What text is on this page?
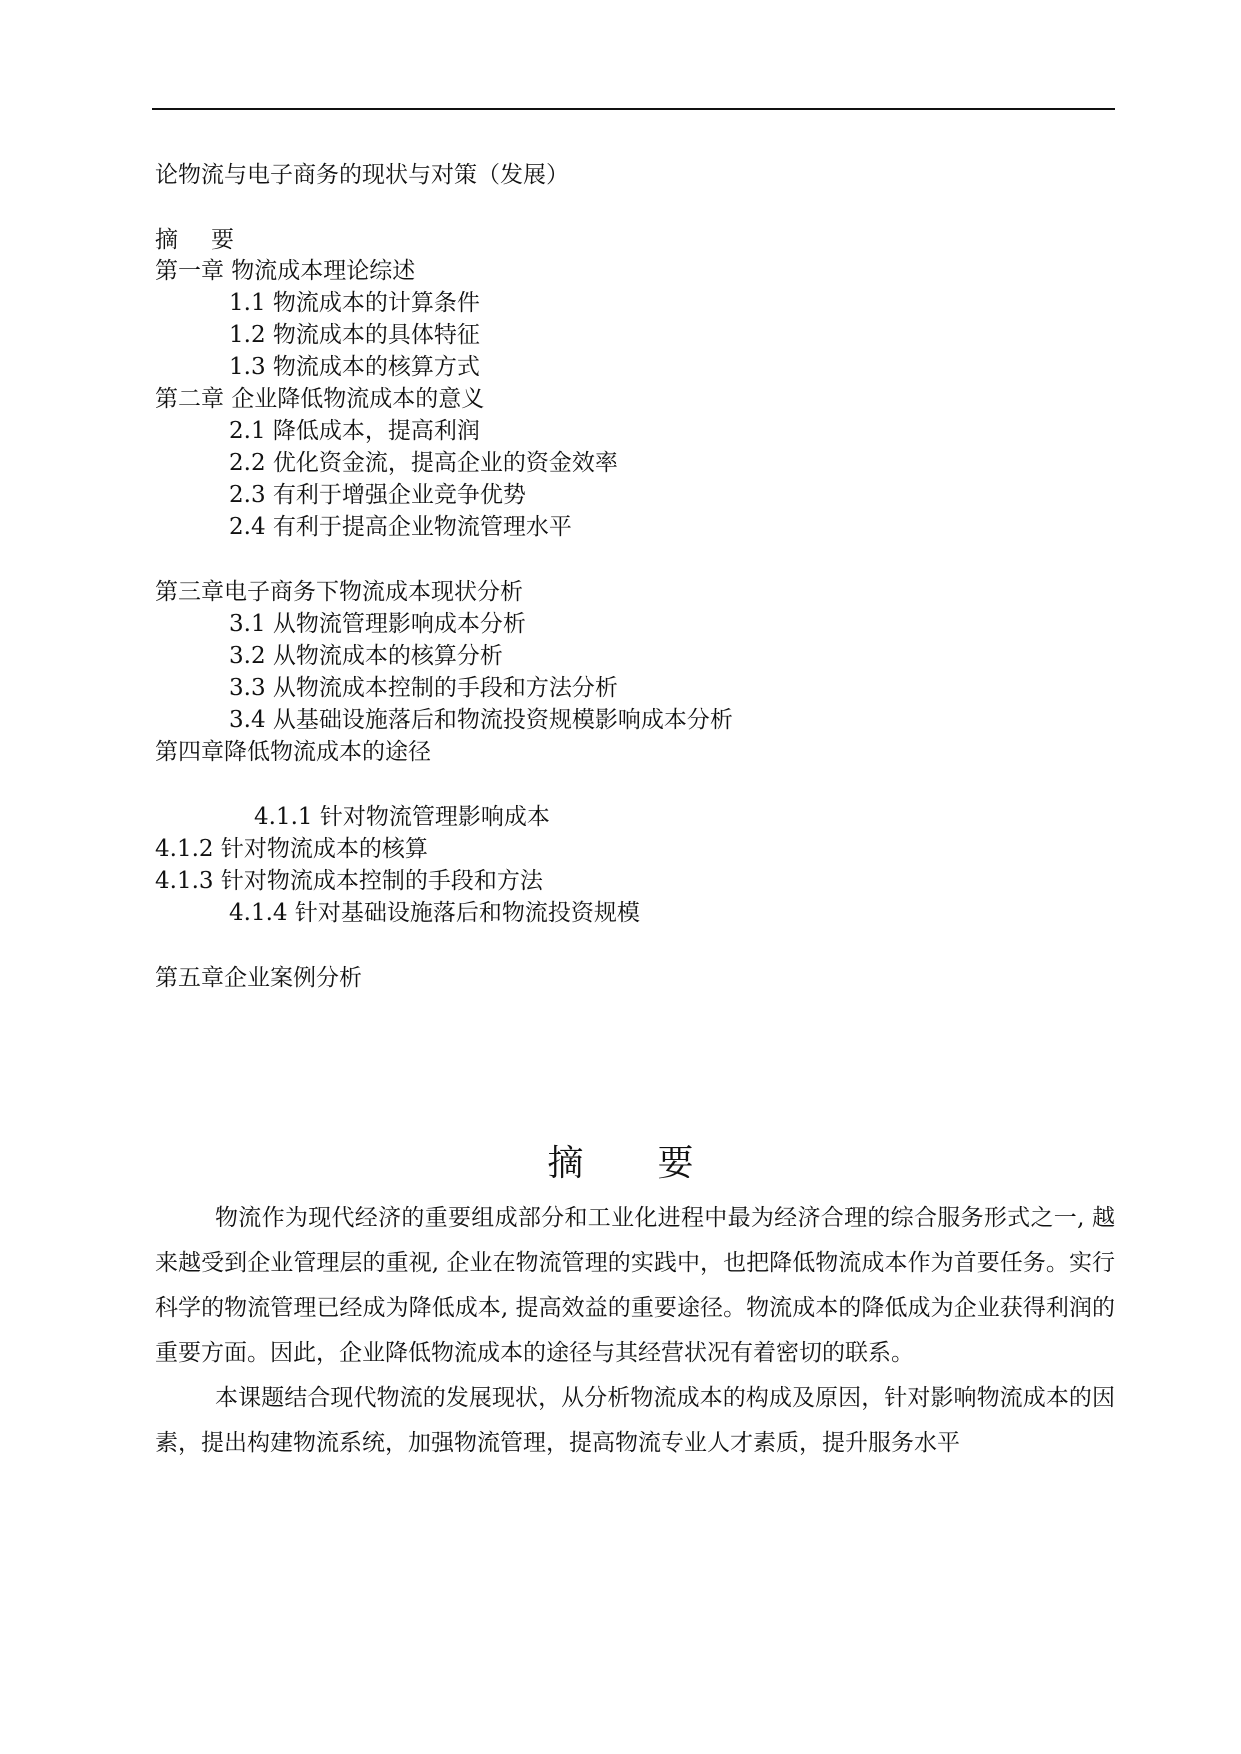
论物流与电子商务的现状与对策（发展）
摘 要
第一章 物流成本理论综述
1.1 物流成本的计算条件
1.2 物流成本的具体特征
1.3 物流成本的核算方式
第二章 企业降低物流成本的意义
2.1 降低成本，提高利润
2.2 优化资金流，提高企业的资金效率
2.3 有利于增强企业竞争优势
2.4 有利于提高企业物流管理水平
第三章电子商务下物流成本现状分析
3.1 从物流管理影响成本分析
3.2 从物流成本的核算分析
3.3 从物流成本控制的手段和方法分析
3.4 从基础设施落后和物流投资规模影响成本分析
第四章降低物流成本的途径
4.1.1 针对物流管理影响成本
4.1.2 针对物流成本的核算
4.1.3 针对物流成本控制的手段和方法
4.1.4 针对基础设施落后和物流投资规模
第五章企业案例分析
摘 要

物流作为现代经济的重要组成部分和工业化进程中最为经济合理的综合服务形式之一, 越来越受到企业管理层的重视, 企业在物流管理的实践中，也把降低物流成本作为首要任务。实行科学的物流管理已经成为降低成本, 提高效益的重要途径。物流成本的降低成为企业获得利润的重要方面。因此，企业降低物流成本的途径与其经营状况有着密切的联系。

本课题结合现代物流的发展现状，从分析物流成本的构成及原因，针对影响物流成本的因素，提出构建物流系统，加强物流管理，提高物流专业人才素质，提升服务水平
